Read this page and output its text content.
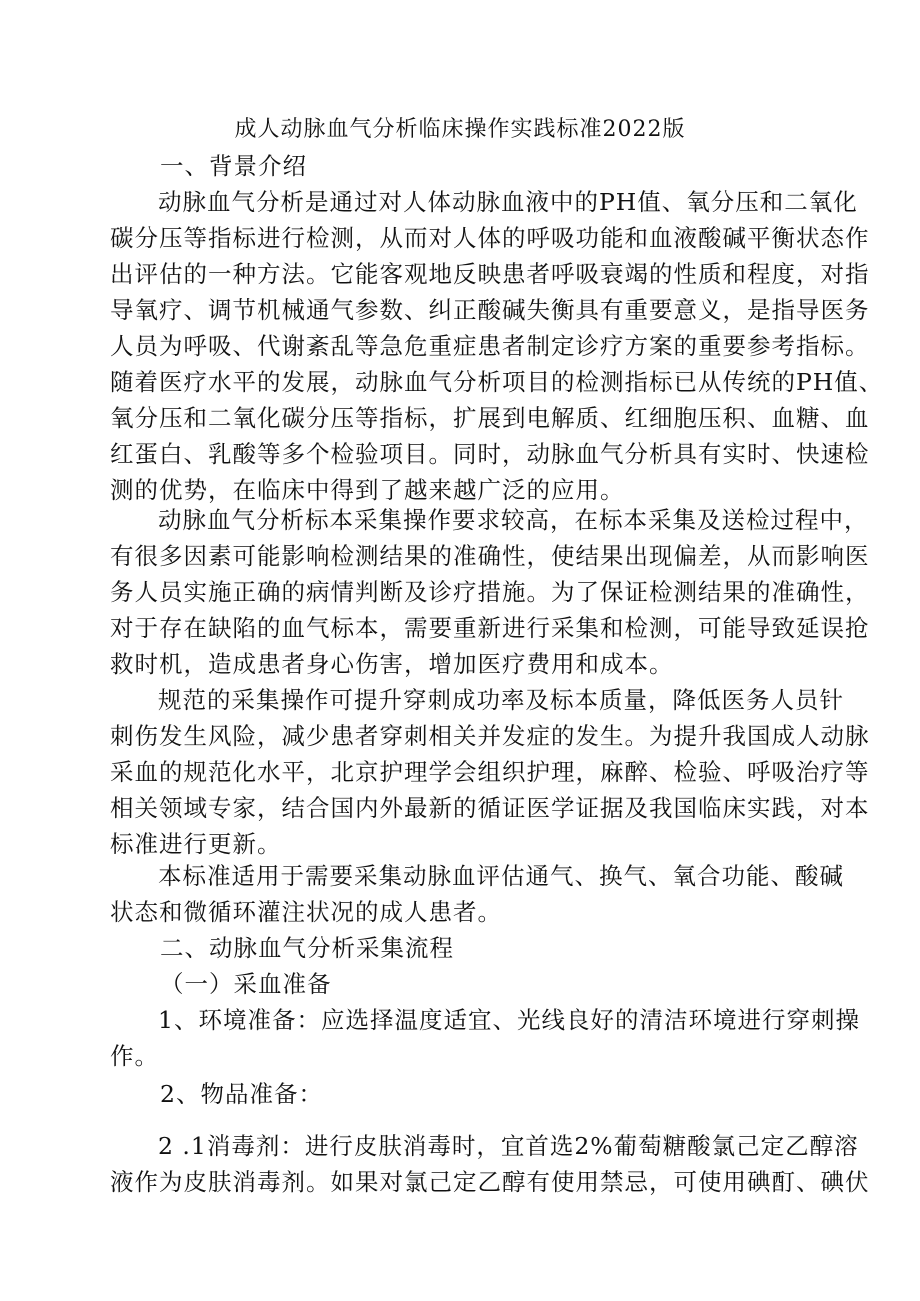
成人动脉血气分析临床操作实践标准2022版
一、背景介绍
动脉血气分析是通过对人体动脉血液中的PH值、氧分压和二氧化
碳分压等指标进行检测，从而对人体的呼吸功能和血液酸碱平衡状态作
出评估的一种方法。它能客观地反映患者呼吸衰竭的性质和程度，对指
导氧疗、调节机械通气参数、纠正酸碱失衡具有重要意义，是指导医务
人员为呼吸、代谢紊乱等急危重症患者制定诊疗方案的重要参考指标。
随着医疗水平的发展，动脉血气分析项目的检测指标已从传统的PH值、
氧分压和二氧化碳分压等指标，扩展到电解质、红细胞压积、血糖、血
红蛋白、乳酸等多个检验项目。同时，动脉血气分析具有实时、快速检
测的优势，在临床中得到了越来越广泛的应用。
动脉血气分析标本采集操作要求较高，在标本采集及送检过程中，
有很多因素可能影响检测结果的准确性，使结果出现偏差，从而影响医
务人员实施正确的病情判断及诊疗措施。为了保证检测结果的准确性，
对于存在缺陷的血气标本，需要重新进行采集和检测，可能导致延误抢
救时机，造成患者身心伤害，增加医疗费用和成本。
规范的采集操作可提升穿刺成功率及标本质量，降低医务人员针
刺伤发生风险，减少患者穿刺相关并发症的发生。为提升我国成人动脉
采血的规范化水平，北京护理学会组织护理，麻醉、检验、呼吸治疗等
相关领域专家，结合国内外最新的循证医学证据及我国临床实践，对本
标准进行更新。
本标准适用于需要采集动脉血评估通气、换气、氧合功能、酸碱
状态和微循环灌注状况的成人患者。
二、动脉血气分析采集流程
（一）采血准备
1、环境准备：应选择温度适宜、光线良好的清洁环境进行穿刺操
作。
2、物品准备：
2 .1消毒剂：进行皮肤消毒时，宜首选2%葡萄糖酸氯己定乙醇溶
液作为皮肤消毒剂。如果对氯己定乙醇有使用禁忌，可使用碘酊、碘伏
